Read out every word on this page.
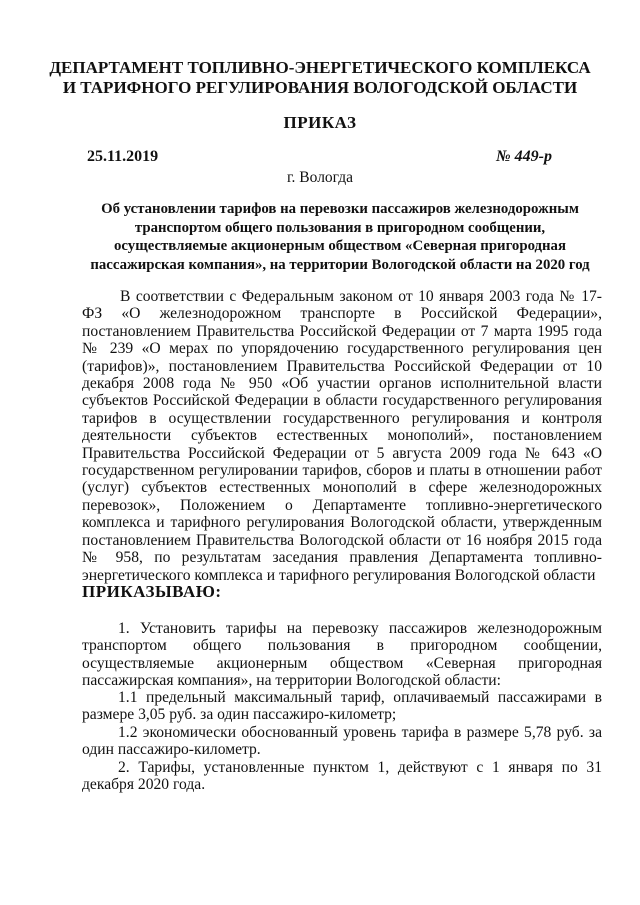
ДЕПАРТАМЕНТ ТОПЛИВНО-ЭНЕРГЕТИЧЕСКОГО КОМПЛЕКСА
И ТАРИФНОГО РЕГУЛИРОВАНИЯ ВОЛОГОДСКОЙ ОБЛАСТИ
ПРИКАЗ
25.11.2019	№ 449-р
г. Вологда
Об установлении тарифов на перевозки пассажиров железнодорожным транспортом общего пользования в пригородном сообщении, осуществляемые акционерным обществом «Северная пригородная пассажирская компания», на территории Вологодской области на 2020 год

В соответствии с Федеральным законом от 10 января 2003 года № 17-ФЗ «О железнодорожном транспорте в Российской Федерации», постановлением Правительства Российской Федерации от 7 марта 1995 года № 239 «О мерах по упорядочению государственного регулирования цен (тарифов)», постановлением Правительства Российской Федерации от 10 декабря 2008 года № 950 «Об участии органов исполнительной власти субъектов Российской Федерации в области государственного регулирования тарифов в осуществлении государственного регулирования и контроля деятельности субъектов естественных монополий», постановлением Правительства Российской Федерации от 5 августа 2009 года № 643 «О государственном регулировании тарифов, сборов и платы в отношении работ (услуг) субъектов естественных монополий в сфере железнодорожных перевозок», Положением о Департаменте топливно-энергетического комплекса и тарифного регулирования Вологодской области, утвержденным постановлением Правительства Вологодской области от 16 ноября 2015 года № 958, по результатам заседания правления Департамента топливно-энергетического комплекса и тарифного регулирования Вологодской области

ПРИКАЗЫВАЮ:

1. Установить тарифы на перевозку пассажиров железнодорожным транспортом общего пользования в пригородном сообщении, осуществляемые акционерным обществом «Северная пригородная пассажирская компания», на территории Вологодской области:

1.1 предельный максимальный тариф, оплачиваемый пассажирами в размере 3,05 руб. за один пассажиро-километр;

1.2 экономически обоснованный уровень тарифа в размере 5,78 руб. за один пассажиро-километр.

2. Тарифы, установленные пунктом 1, действуют с 1 января по 31 декабря 2020 года.
